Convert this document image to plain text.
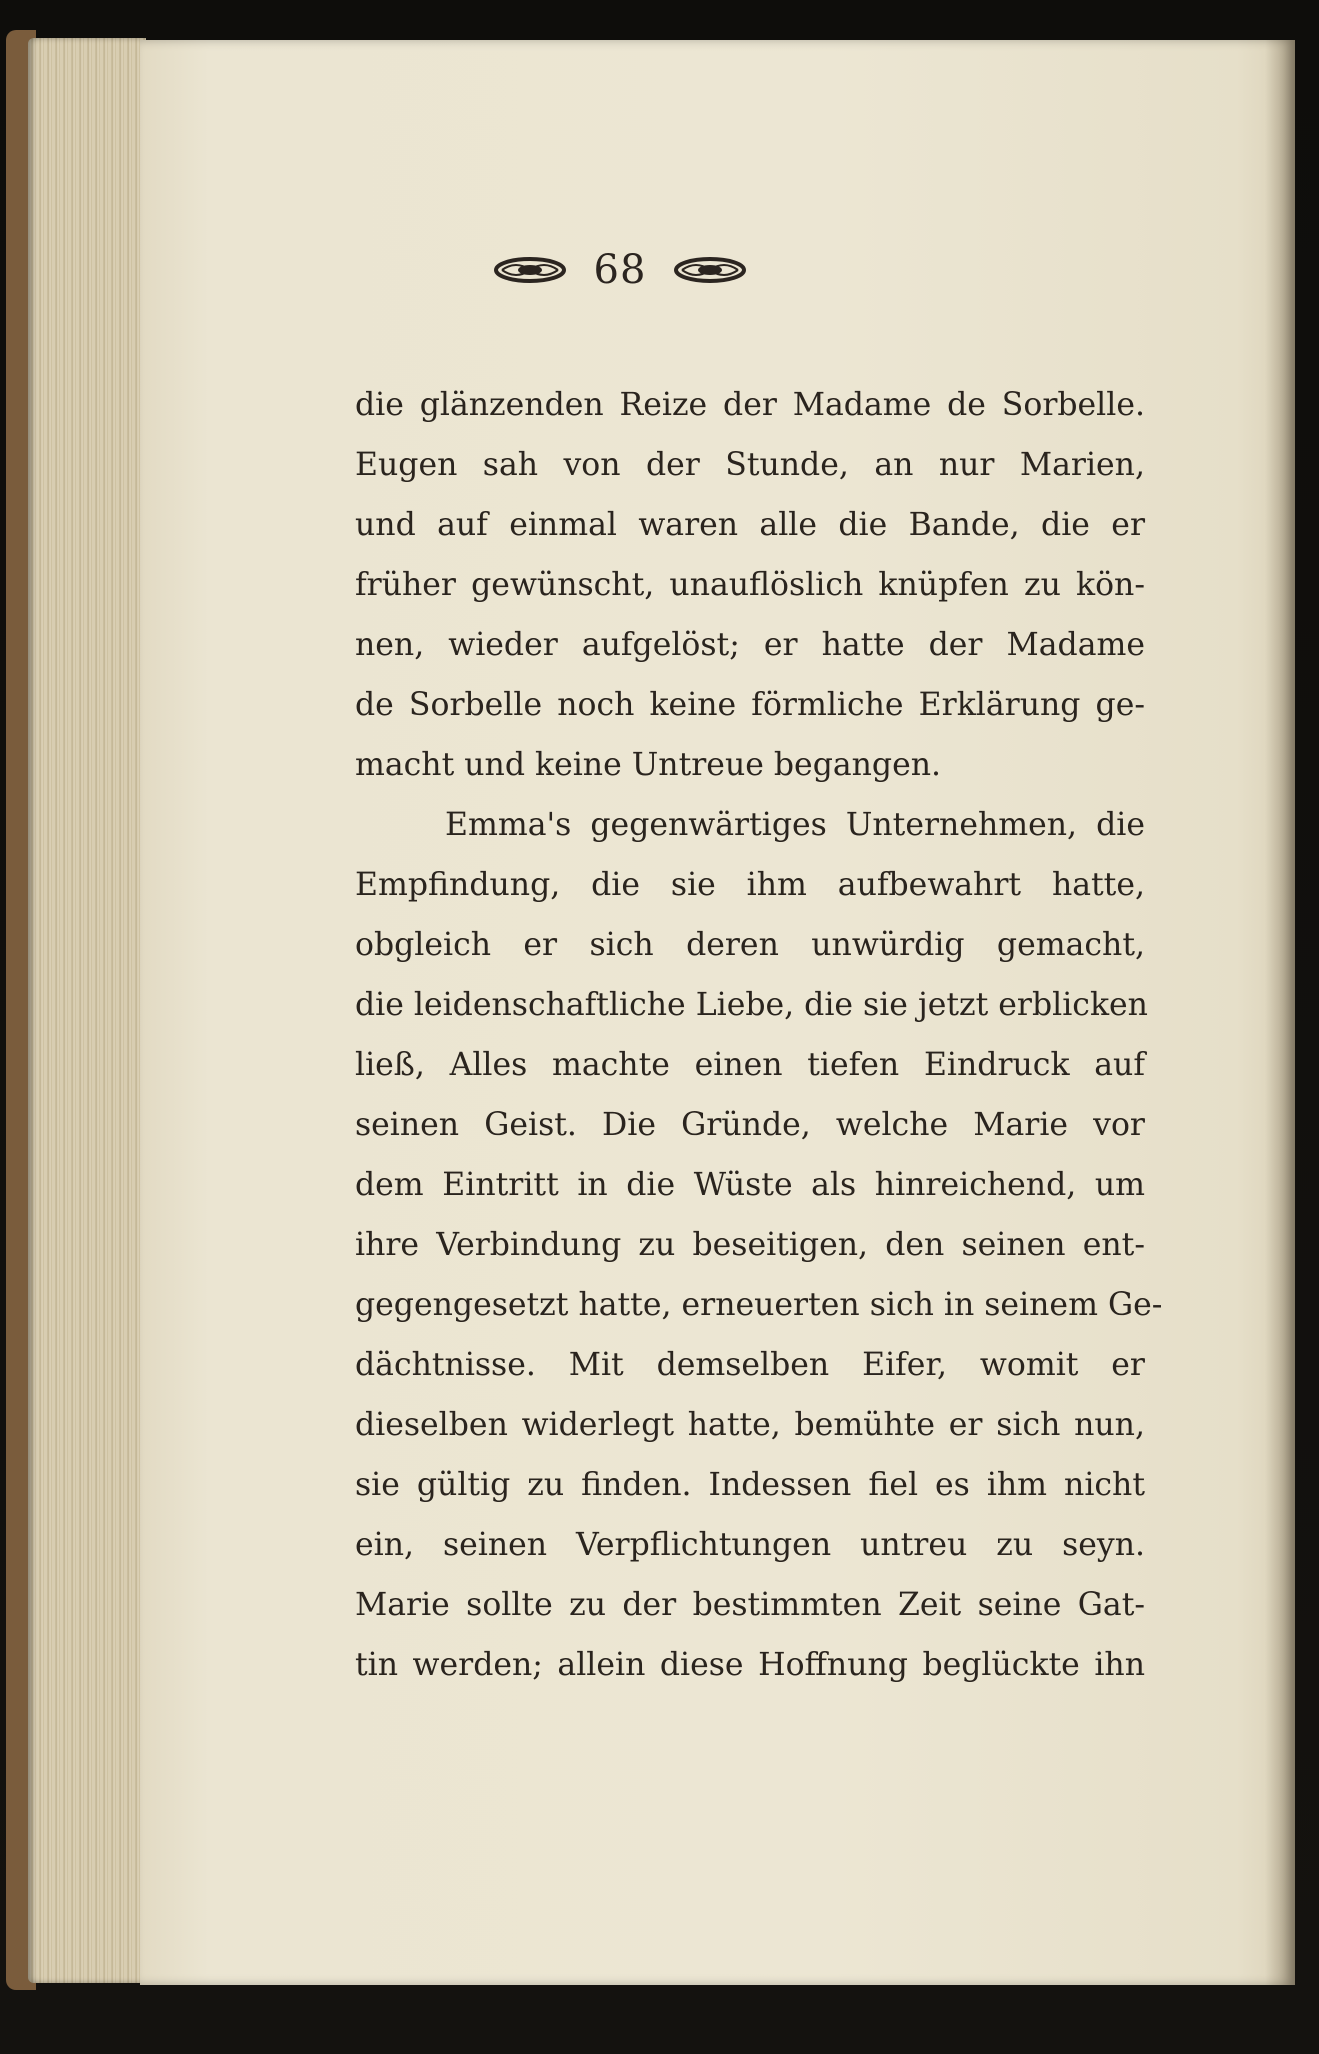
68
die glänzenden Reize der Madame de Sorbelle.
Eugen sah von der Stunde, an nur Marien,
und auf einmal waren alle die Bande, die er
früher gewünscht, unauflöslich knüpfen zu kön-
nen, wieder aufgelöst; er hatte der Madame
de Sorbelle noch keine förmliche Erklärung ge-
macht und keine Untreue begangen.
Emma's gegenwärtiges Unternehmen, die
Empfindung, die sie ihm aufbewahrt hatte,
obgleich er sich deren unwürdig gemacht,
die leidenschaftliche Liebe, die sie jetzt erblicken
ließ, Alles machte einen tiefen Eindruck auf
seinen Geist. Die Gründe, welche Marie vor
dem Eintritt in die Wüste als hinreichend, um
ihre Verbindung zu beseitigen, den seinen ent-
gegengesetzt hatte, erneuerten sich in seinem Ge-
dächtnisse. Mit demselben Eifer, womit er
dieselben widerlegt hatte, bemühte er sich nun,
sie gültig zu finden. Indessen fiel es ihm nicht
ein, seinen Verpflichtungen untreu zu seyn.
Marie sollte zu der bestimmten Zeit seine Gat-
tin werden; allein diese Hoffnung beglückte ihn
